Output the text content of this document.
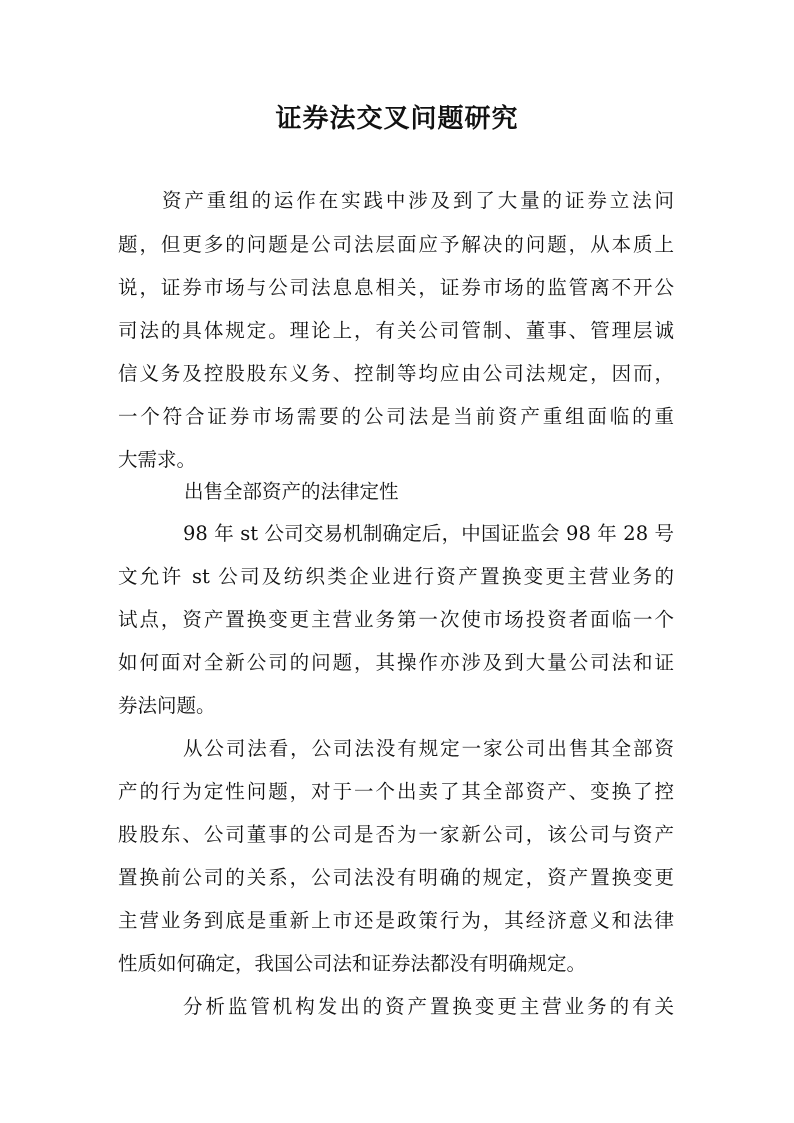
证券法交叉问题研究
资产重组的运作在实践中涉及到了大量的证券立法问
题，但更多的问题是公司法层面应予解决的问题，从本质上
说，证券市场与公司法息息相关，证券市场的监管离不开公
司法的具体规定。理论上，有关公司管制、董事、管理层诚
信义务及控股股东义务、控制等均应由公司法规定，因而，
一个符合证券市场需要的公司法是当前资产重组面临的重
大需求。
出售全部资产的法律定性
98 年 st 公司交易机制确定后，中国证监会 98 年 28 号
文允许 st 公司及纺织类企业进行资产置换变更主营业务的
试点，资产置换变更主营业务第一次使市场投资者面临一个
如何面对全新公司的问题，其操作亦涉及到大量公司法和证
券法问题。
从公司法看，公司法没有规定一家公司出售其全部资
产的行为定性问题，对于一个出卖了其全部资产、变换了控
股股东、公司董事的公司是否为一家新公司，该公司与资产
置换前公司的关系，公司法没有明确的规定，资产置换变更
主营业务到底是重新上市还是政策行为，其经济意义和法律
性质如何确定，我国公司法和证券法都没有明确规定。
分析监管机构发出的资产置换变更主营业务的有关
